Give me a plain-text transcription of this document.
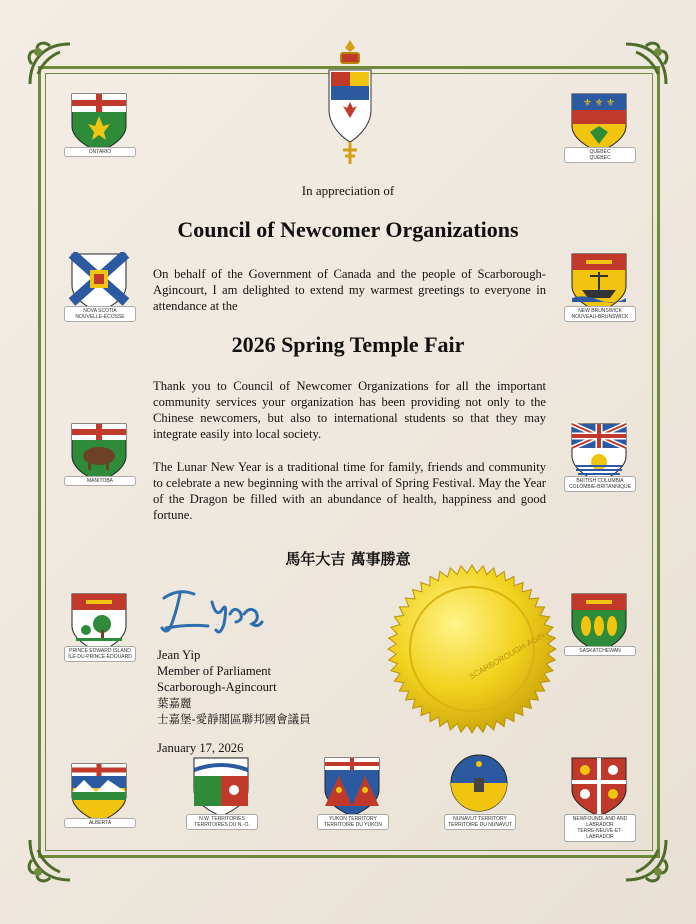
ONTARIO
⚜ ⚜ ⚜
QUÉBEC
QUÉBEC
NOVA SCOTIA
NOUVELLE-ÉCOSSE
NEW BRUNSWICK
NOUVEAU-BRUNSWICK
MANITOBA	BRITISH COLUMBIA
COLOMBIE-BRITANNIQUE
PRINCE EDWARD ISLAND
ÎLE-DU-PRINCE-ÉDOUARD
SASKATCHEWAN
ALBERTA
N.W. TERRITORIES
TERRITOIRES DU N.-O.
YUKON TERRITORY
TERRITOIRE DU YUKON
NUNAVUT TERRITORY
TERRITOIRE DU NUNAVUT
NEWFOUNDLAND AND LABRADOR
TERRE-NEUVE-ET-LABRADOR
In appreciation of
Council of Newcomer Organizations
On behalf of the Government of Canada and the people of Scarborough-Agincourt, I am delighted to extend my warmest greetings to everyone in attendance at the
2026 Spring Temple Fair
Thank you to Council of Newcomer Organizations for all the important community services your organization has been providing not only to the Chinese newcomers, but also to international students so that they may integrate easily into local society.
The Lunar New Year is a traditional time for family, friends and community to celebrate a new beginning with the arrival of Spring Festival. May the Year of the Dragon be filled with an abundance of health, happiness and good fortune.
馬年大吉 萬事勝意
Jean Yip
Member of Parliament
Scarborough-Agincourt
葉嘉麗
士嘉堡-愛靜閣區聯邦國會議員
January 17, 2026
SCARBOROUGH-AGIN
